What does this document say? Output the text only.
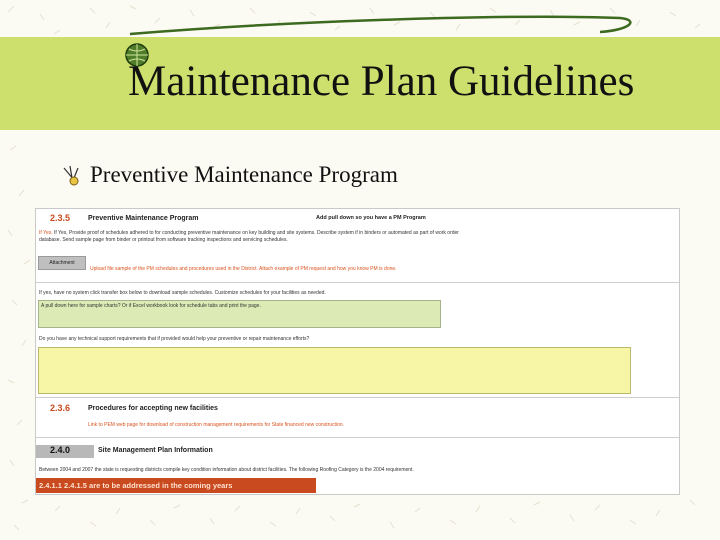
Maintenance Plan Guidelines
Preventive Maintenance Program
2.3.5	Preventive Maintenance Program	Add pull down so you have a PM Program
If Yes, If Yes, Provide proof of schedules adhered to for conducting preventive maintenance on key building and site systems. Describe system if in binders or automated as part of work order
database. Send sample page from binder or printout from software tracking inspections and servicing schedules.
Attachment
Upload file sample of the PM schedules and procedures used in the District. Attach example of PM request and how you know PM is done.
If yes, have no system click transfer box below to download sample schedules. Customize schedules for your facilities as needed.
A pull down here for sample charts? Or if Excel workbook look for schedule tabs and print the page.
Do you have any technical support requirements that if provided would help your preventive or repair maintenance efforts?
2.3.6	Procedures for accepting new facilities
Link to PEM web page for download of construction management requirements for State financed new construction.
2.4.0	Site Management Plan Information
Between 2004 and 2007 the state is requesting districts compile key condition information about district facilities. The following Roofing Category is the 2004 requirement.
2.4.1.1 2.4.1.5 are to be addressed in the coming years
